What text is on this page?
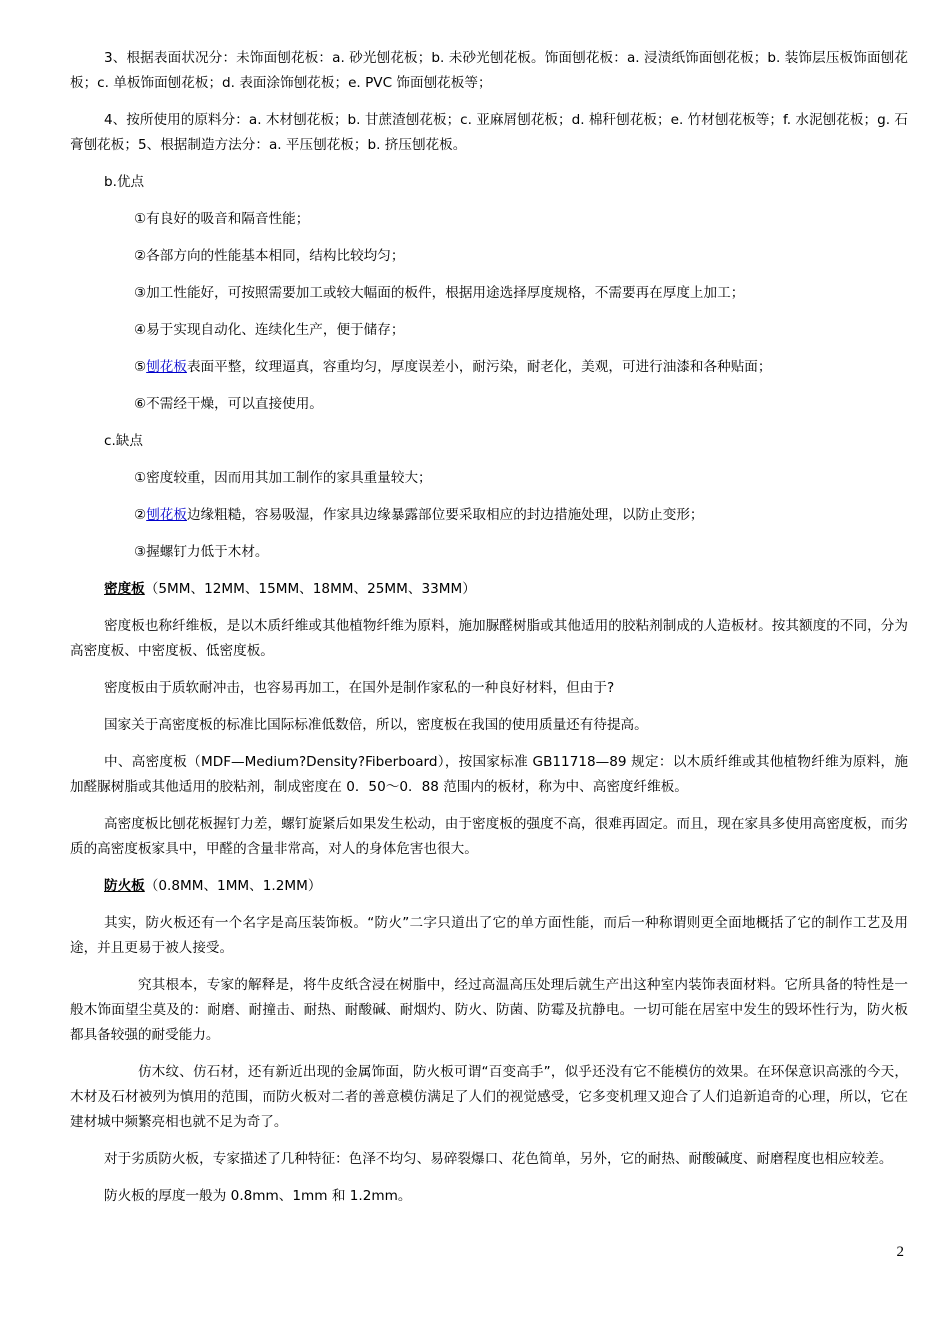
3、根据表面状况分：未饰面刨花板：a. 砂光刨花板；b. 未砂光刨花板。饰面刨花板：a. 浸渍纸饰面刨花板；b. 装饰层压板饰面刨花板；c. 单板饰面刨花板；d. 表面涂饰刨花板；e. PVC 饰面刨花板等；

4、按所使用的原料分：a. 木材刨花板；b. 甘蔗渣刨花板；c. 亚麻屑刨花板；d. 棉秆刨花板；e. 竹材刨花板等；f. 水泥刨花板；g. 石膏刨花板；5、根据制造方法分：a. 平压刨花板；b. 挤压刨花板。

b.优点

①有良好的吸音和隔音性能；

②各部方向的性能基本相同，结构比较均匀；

③加工性能好，可按照需要加工或较大幅面的板件，根据用途选择厚度规格，不需要再在厚度上加工；

④易于实现自动化、连续化生产，便于储存；

⑤刨花板表面平整，纹理逼真，容重均匀，厚度误差小，耐污染，耐老化，美观，可进行油漆和各种贴面；

⑥不需经干燥，可以直接使用。

c.缺点

①密度较重，因而用其加工制作的家具重量较大；

②刨花板边缘粗糙，容易吸湿，作家具边缘暴露部位要采取相应的封边措施处理，以防止变形；

③握螺钉力低于木材。

密度板（5MM、12MM、15MM、18MM、25MM、33MM）

密度板也称纤维板，是以木质纤维或其他植物纤维为原料，施加脲醛树脂或其他适用的胶粘剂制成的人造板材。按其额度的不同，分为高密度板、中密度板、低密度板。

密度板由于质软耐冲击，也容易再加工，在国外是制作家私的一种良好材料，但由于?

国家关于高密度板的标准比国际标准低数倍，所以，密度板在我国的使用质量还有待提高。

中、高密度板（MDF—Medium?Density?Fiberboard），按国家标准 GB11718—89 规定：以木质纤维或其他植物纤维为原料，施加醛脲树脂或其他适用的胶粘剂，制成密度在 0．50～0．88 范围内的板材，称为中、高密度纤维板。

高密度板比刨花板握钉力差，螺钉旋紧后如果发生松动，由于密度板的强度不高，很难再固定。而且，现在家具多使用高密度板，而劣质的高密度板家具中，甲醛的含量非常高，对人的身体危害也很大。

防火板（0.8MM、1MM、1.2MM）

其实，防火板还有一个名字是高压装饰板。“防火”二字只道出了它的单方面性能，而后一种称谓则更全面地概括了它的制作工艺及用途，并且更易于被人接受。

究其根本，专家的解释是，将牛皮纸含浸在树脂中，经过高温高压处理后就生产出这种室内装饰表面材料。它所具备的特性是一般木饰面望尘莫及的：耐磨、耐撞击、耐热、耐酸碱、耐烟灼、防火、防菌、防霉及抗静电。一切可能在居室中发生的毁坏性行为，防火板都具备较强的耐受能力。

仿木纹、仿石材，还有新近出现的金属饰面，防火板可谓“百变高手”，似乎还没有它不能模仿的效果。在环保意识高涨的今天，木材及石材被列为慎用的范围，而防火板对二者的善意模仿满足了人们的视觉感受，它多变机理又迎合了人们追新追奇的心理，所以，它在建材城中频繁亮相也就不足为奇了。

对于劣质防火板，专家描述了几种特征：色泽不均匀、易碎裂爆口、花色简单，另外，它的耐热、耐酸碱度、耐磨程度也相应较差。

防火板的厚度一般为 0.8mm、1mm 和 1.2mm。

2
